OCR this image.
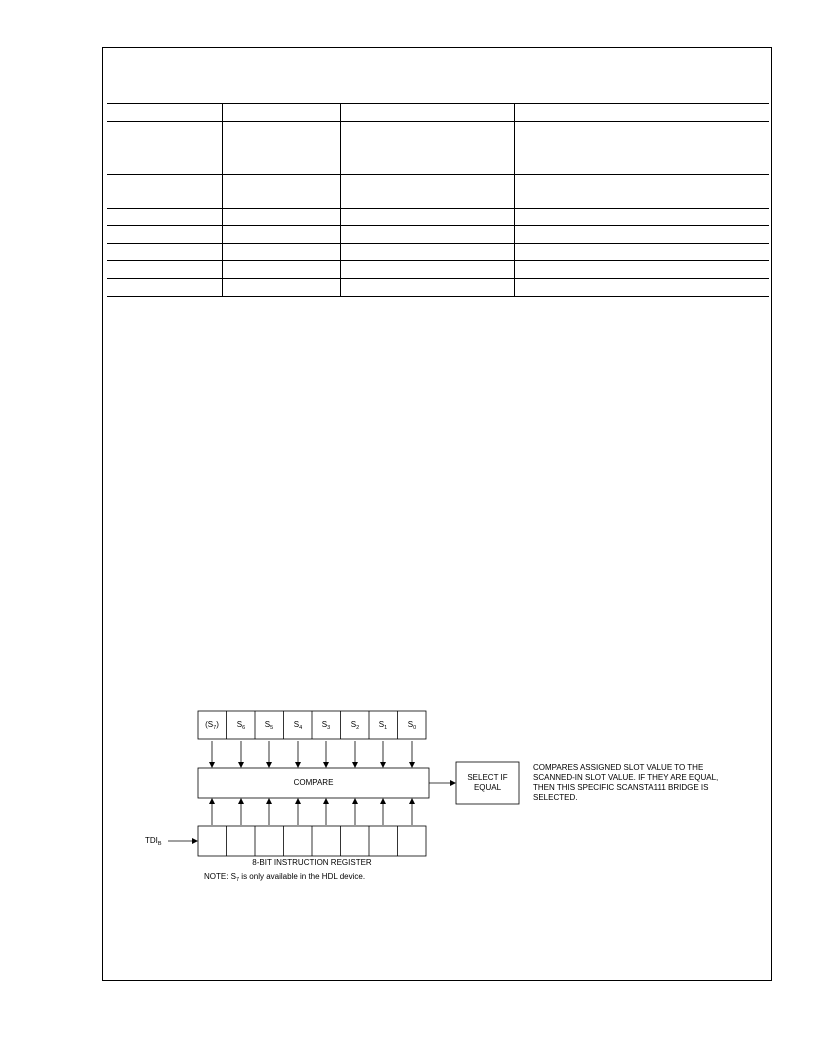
$(S_7)$	$S_6$	$S_5$	$S_4$	$S_3$	$S_2$	$S_1$	$S_0$
COMPARE
SELECT IF
EQUAL
COMPARES ASSIGNED SLOT VALUE TO THE
SCANNED-IN SLOT VALUE. IF THEY ARE EQUAL,
THEN THIS SPECIFIC SCANSTA111 BRIDGE IS
SELECTED.
$TDI_B$
8-BIT INSTRUCTION REGISTER
NOTE: $S_7$ is only available in the HDL device.
